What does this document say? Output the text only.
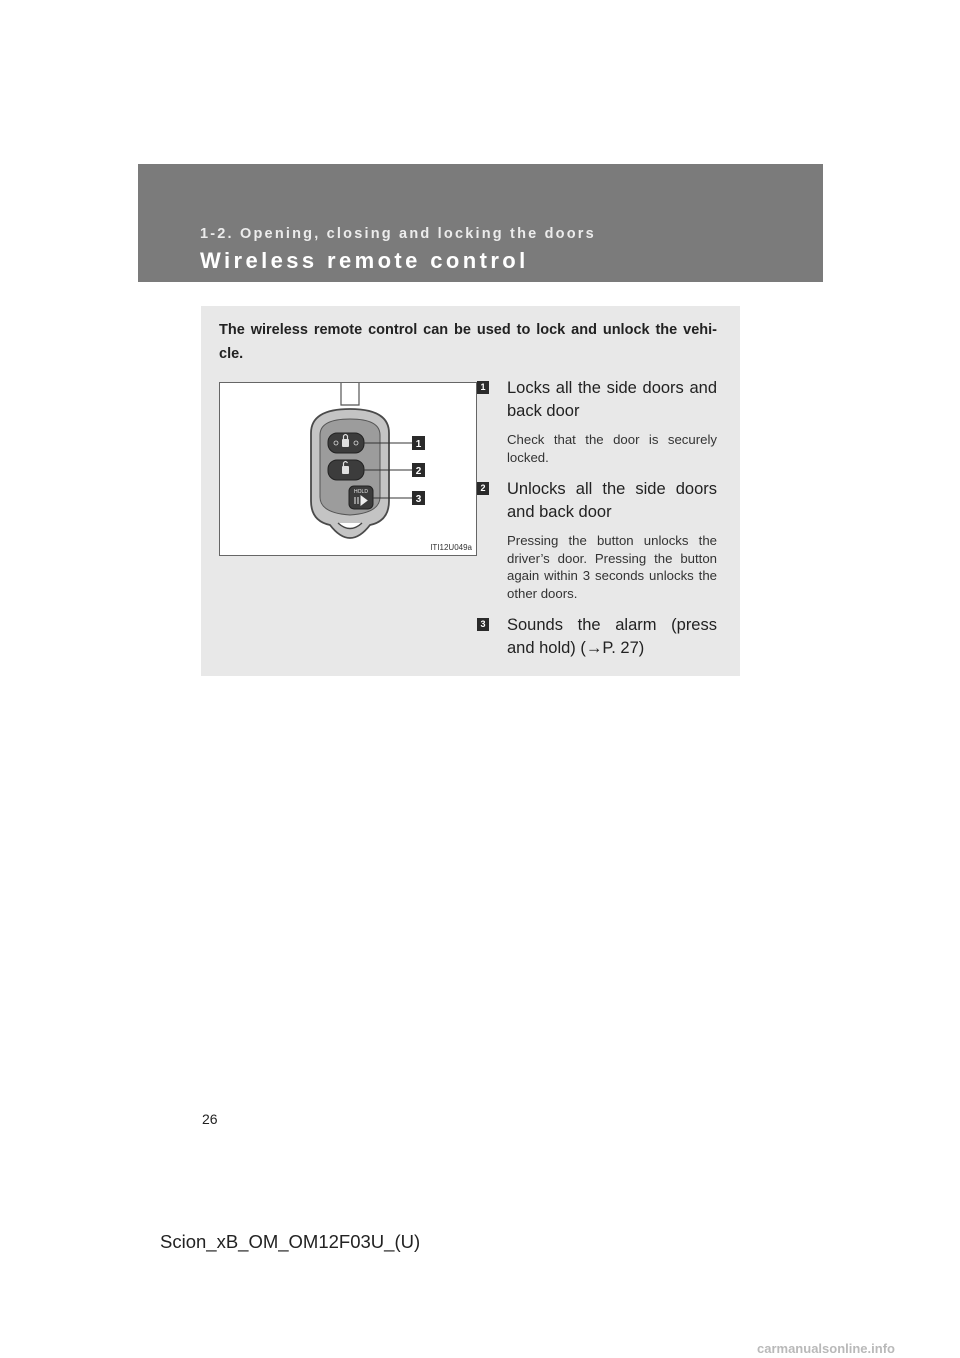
1-2. Opening, closing and locking the doors
Wireless remote control
The wireless remote control can be used to lock and unlock the vehi-cle.
HOLD
1
2
3
ITI12U049a
1 Locks all the side doors and back door
Check that the door is securely locked.
2 Unlocks all the side doors and back door
Pressing the button unlocks the driver’s door. Pressing the button again within 3 seconds unlocks the other doors.
3 Sounds the alarm (press and hold) (→P. 27)
26
Scion_xB_OM_OM12F03U_(U)
carmanualsonline.info
